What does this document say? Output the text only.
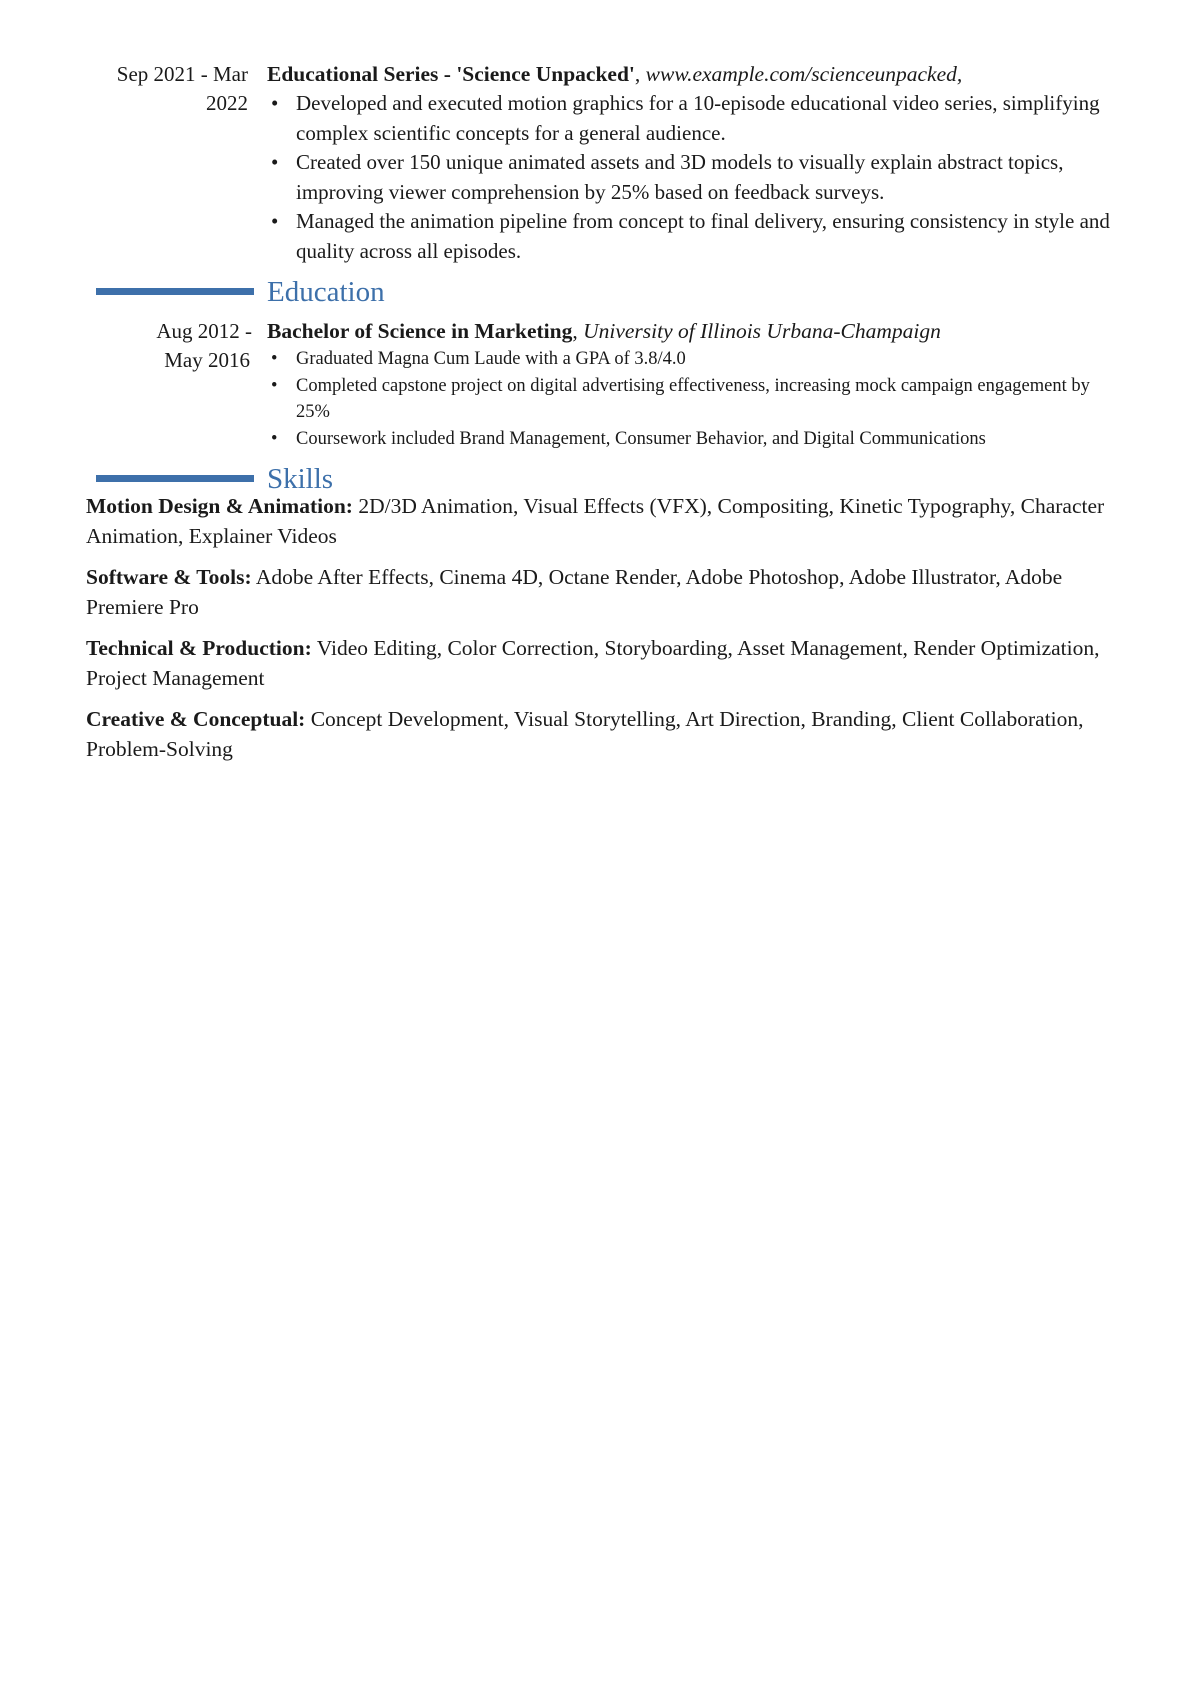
Sep 2021 - Mar
2022
Educational Series - 'Science Unpacked', www.example.com/scienceunpacked,
• Developed and executed motion graphics for a 10-episode educational video series, simplifying complex scientific concepts for a general audience.
• Created over 150 unique animated assets and 3D models to visually explain abstract topics, improving viewer comprehension by 25% based on feedback surveys.
• Managed the animation pipeline from concept to final delivery, ensuring consistency in style and quality across all episodes.
Education
Aug 2012 -
May 2016
Bachelor of Science in Marketing, University of Illinois Urbana-Champaign
• Graduated Magna Cum Laude with a GPA of 3.8/4.0
• Completed capstone project on digital advertising effectiveness, increasing mock campaign engagement by 25%
• Coursework included Brand Management, Consumer Behavior, and Digital Communications
Skills
Motion Design & Animation: 2D/3D Animation, Visual Effects (VFX), Compositing, Kinetic Typography, Character Animation, Explainer Videos
Software & Tools: Adobe After Effects, Cinema 4D, Octane Render, Adobe Photoshop, Adobe Illustrator, Adobe Premiere Pro
Technical & Production: Video Editing, Color Correction, Storyboarding, Asset Management, Render Optimization, Project Management
Creative & Conceptual: Concept Development, Visual Storytelling, Art Direction, Branding, Client Collaboration, Problem-Solving
